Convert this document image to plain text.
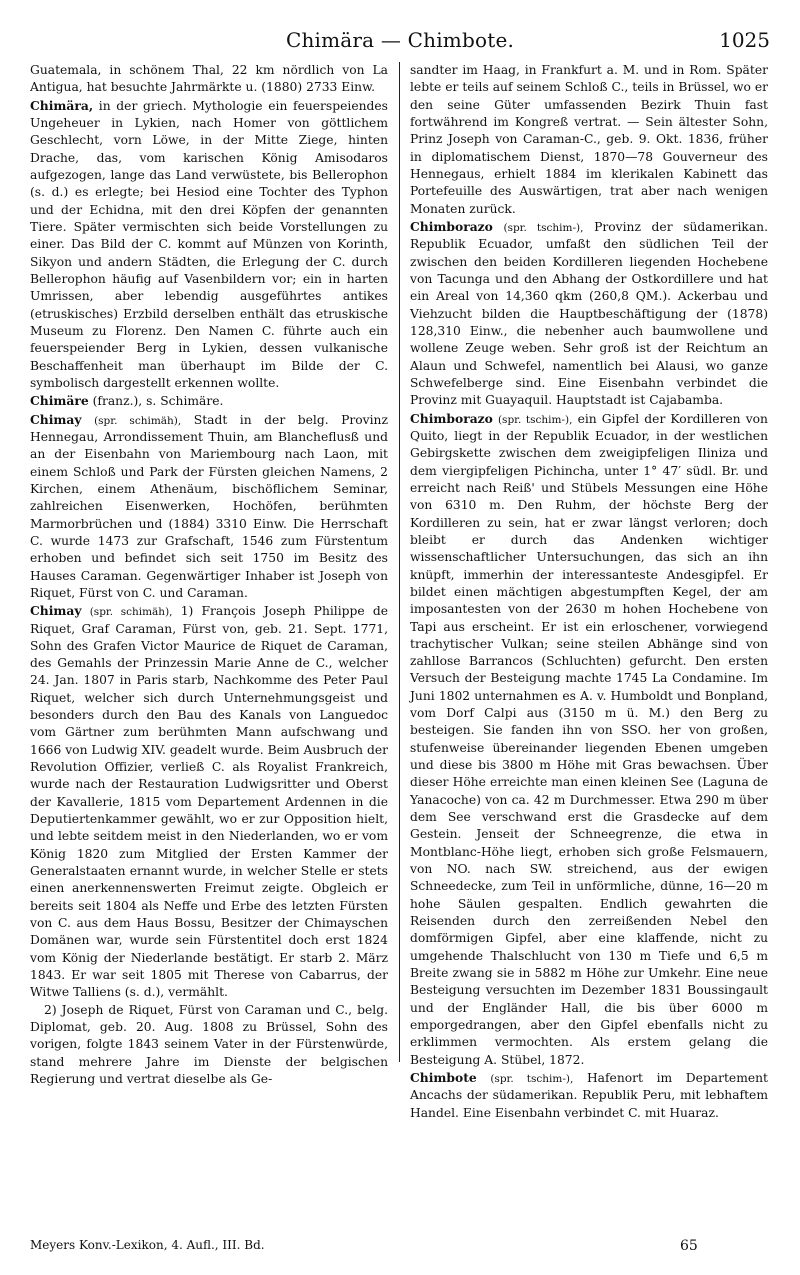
Chimära — Chimbote.	1025

Guatemala, in schönem Thal, 22 km nördlich von La Antigua, hat besuchte Jahrmärkte u. (1880) 2733 Einw.

Chimära, in der griech. Mythologie ein feuerspeiendes Ungeheuer in Lykien, nach Homer von göttlichem Geschlecht, vorn Löwe, in der Mitte Ziege, hinten Drache, das, vom karischen König Amisodaros aufgezogen, lange das Land verwüstete, bis Bellerophon (s. d.) es erlegte; bei Hesiod eine Tochter des Typhon und der Echidna, mit den drei Köpfen der genannten Tiere. Später vermischten sich beide Vorstellungen zu einer. Das Bild der C. kommt auf Münzen von Korinth, Sikyon und andern Städten, die Erlegung der C. durch Bellerophon häufig auf Vasenbildern vor; ein in harten Umrissen, aber lebendig ausgeführtes antikes (etruskisches) Erzbild derselben enthält das etruskische Museum zu Florenz. Den Namen C. führte auch ein feuerspeiender Berg in Lykien, dessen vulkanische Beschaffenheit man überhaupt im Bilde der C. symbolisch dargestellt erkennen wollte.

Chimäre (franz.), s. Schimäre.

Chimay (spr. schimäh), Stadt in der belg. Provinz Hennegau, Arrondissement Thuin, am Blancheflusß und an der Eisenbahn von Mariembourg nach Laon, mit einem Schloß und Park der Fürsten gleichen Namens, 2 Kirchen, einem Athenäum, bischöflichem Seminar, zahlreichen Eisenwerken, Hochöfen, berühmten Marmorbrüchen und (1884) 3310 Einw. Die Herrschaft C. wurde 1473 zur Grafschaft, 1546 zum Fürstentum erhoben und befindet sich seit 1750 im Besitz des Hauses Caraman. Gegenwärtiger Inhaber ist Joseph von Riquet, Fürst von C. und Caraman.

Chimay (spr. schimäh), 1) François Joseph Philippe de Riquet, Graf Caraman, Fürst von, geb. 21. Sept. 1771, Sohn des Grafen Victor Maurice de Riquet de Caraman, des Gemahls der Prinzessin Marie Anne de C., welcher 24. Jan. 1807 in Paris starb, Nachkomme des Peter Paul Riquet, welcher sich durch Unternehmungsgeist und besonders durch den Bau des Kanals von Languedoc vom Gärtner zum berühmten Mann aufschwang und 1666 von Ludwig XIV. geadelt wurde. Beim Ausbruch der Revolution Offizier, verließ C. als Royalist Frankreich, wurde nach der Restauration Ludwigsritter und Oberst der Kavallerie, 1815 vom Departement Ardennen in die Deputiertenkammer gewählt, wo er zur Opposition hielt, und lebte seitdem meist in den Niederlanden, wo er vom König 1820 zum Mitglied der Ersten Kammer der Generalstaaten ernannt wurde, in welcher Stelle er stets einen anerkennenswerten Freimut zeigte. Obgleich er bereits seit 1804 als Neffe und Erbe des letzten Fürsten von C. aus dem Haus Bossu, Besitzer der Chimayschen Domänen war, wurde sein Fürstentitel doch erst 1824 vom König der Niederlande bestätigt. Er starb 2. März 1843. Er war seit 1805 mit Therese von Cabarrus, der Witwe Talliens (s. d.), vermählt.

2) Joseph de Riquet, Fürst von Caraman und C., belg. Diplomat, geb. 20. Aug. 1808 zu Brüssel, Sohn des vorigen, folgte 1843 seinem Vater in der Fürstenwürde, stand mehrere Jahre im Dienste der belgischen Regierung und vertrat dieselbe als Ge-

sandter im Haag, in Frankfurt a. M. und in Rom. Später lebte er teils auf seinem Schloß C., teils in Brüssel, wo er den seine Güter umfassenden Bezirk Thuin fast fortwährend im Kongreß vertrat. — Sein ältester Sohn, Prinz Joseph von Caraman-C., geb. 9. Okt. 1836, früher in diplomatischem Dienst, 1870—78 Gouverneur des Hennegaus, erhielt 1884 im klerikalen Kabinett das Portefeuille des Auswärtigen, trat aber nach wenigen Monaten zurück.

Chimborazo (spr. tschim-), Provinz der südamerikan. Republik Ecuador, umfaßt den südlichen Teil der zwischen den beiden Kordilleren liegenden Hochebene von Tacunga und den Abhang der Ostkordillere und hat ein Areal von 14,360 qkm (260,8 QM.). Ackerbau und Viehzucht bilden die Hauptbeschäftigung der (1878) 128,310 Einw., die nebenher auch baumwollene und wollene Zeuge weben. Sehr groß ist der Reichtum an Alaun und Schwefel, namentlich bei Alausi, wo ganze Schwefelberge sind. Eine Eisenbahn verbindet die Provinz mit Guayaquil. Hauptstadt ist Cajabamba.

Chimborazo (spr. tschim-), ein Gipfel der Kordilleren von Quito, liegt in der Republik Ecuador, in der westlichen Gebirgskette zwischen dem zweigipfeligen Iliniza und dem viergipfeligen Pichincha, unter 1° 47′ südl. Br. und erreicht nach Reiß' und Stübels Messungen eine Höhe von 6310 m. Den Ruhm, der höchste Berg der Kordilleren zu sein, hat er zwar längst verloren; doch bleibt er durch das Andenken wichtiger wissenschaftlicher Untersuchungen, das sich an ihn knüpft, immerhin der interessanteste Andesgipfel. Er bildet einen mächtigen abgestumpften Kegel, der am imposantesten von der 2630 m hohen Hochebene von Tapi aus erscheint. Er ist ein erloschener, vorwiegend trachytischer Vulkan; seine steilen Abhänge sind von zahllose Barrancos (Schluchten) gefurcht. Den ersten Versuch der Besteigung machte 1745 La Condamine. Im Juni 1802 unternahmen es A. v. Humboldt und Bonpland, vom Dorf Calpi aus (3150 m ü. M.) den Berg zu besteigen. Sie fanden ihn von SSO. her von großen, stufenweise übereinander liegenden Ebenen umgeben und diese bis 3800 m Höhe mit Gras bewachsen. Über dieser Höhe erreichte man einen kleinen See (Laguna de Yanacoche) von ca. 42 m Durchmesser. Etwa 290 m über dem See verschwand erst die Grasdecke auf dem Gestein. Jenseit der Schneegrenze, die etwa in Montblanc-Höhe liegt, erhoben sich große Felsmauern, von NO. nach SW. streichend, aus der ewigen Schneedecke, zum Teil in unförmliche, dünne, 16—20 m hohe Säulen gespalten. Endlich gewahrten die Reisenden durch den zerreißenden Nebel den domförmigen Gipfel, aber eine klaffende, nicht zu umgehende Thalschlucht von 130 m Tiefe und 6,5 m Breite zwang sie in 5882 m Höhe zur Umkehr. Eine neue Besteigung versuchten im Dezember 1831 Boussingault und der Engländer Hall, die bis über 6000 m emporgedrangen, aber den Gipfel ebenfalls nicht zu erklimmen vermochten. Als erstem gelang die Besteigung A. Stübel, 1872.

Chimbote (spr. tschim-), Hafenort im Departement Ancachs der südamerikan. Republik Peru, mit lebhaftem Handel. Eine Eisenbahn verbindet C. mit Huaraz.

Meyers Konv.-Lexikon, 4. Aufl., III. Bd.	65
